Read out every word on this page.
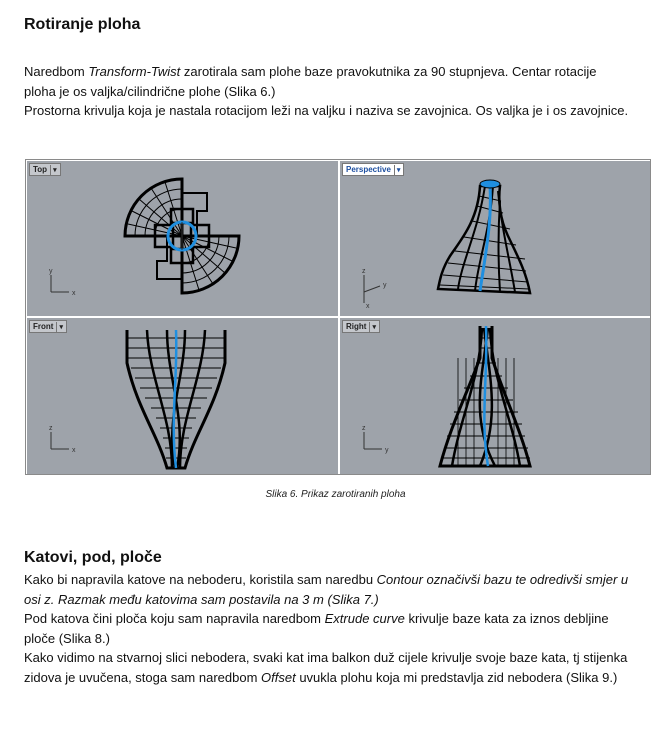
Rotiranje ploha

Naredbom Transform-Twist zarotirala sam plohe baze pravokutnika za 90 stupnjeva. Centar rotacije

ploha je os valjka/cilindrične plohe (Slika 6.)

Prostorna krivulja koja je nastala rotacijom leži na valjku i naziva se zavojnica. Os valjka je i os zavojnice.

x
y
Top ▾
y
z
x
Perspective ▾
x
z
Front ▾
y
z
Right ▾
Slika 6. Prikaz zarotiranih ploha
Katovi, pod, ploče

Kako bi napravila katove na neboderu, koristila sam naredbu Contour označivši bazu te odredivši smjer u

osi z. Razmak među katovima sam postavila na 3 m (Slika 7.)

Pod katova čini ploča koju sam napravila naredbom Extrude curve krivulje baze kata za iznos debljine

ploče (Slika 8.)

Kako vidimo na stvarnoj slici nebodera, svaki kat ima balkon duž cijele krivulje svoje baze kata, tj stijenka

zidova je uvučena, stoga sam naredbom Offset uvukla plohu koja mi predstavlja zid nebodera (Slika 9.)
